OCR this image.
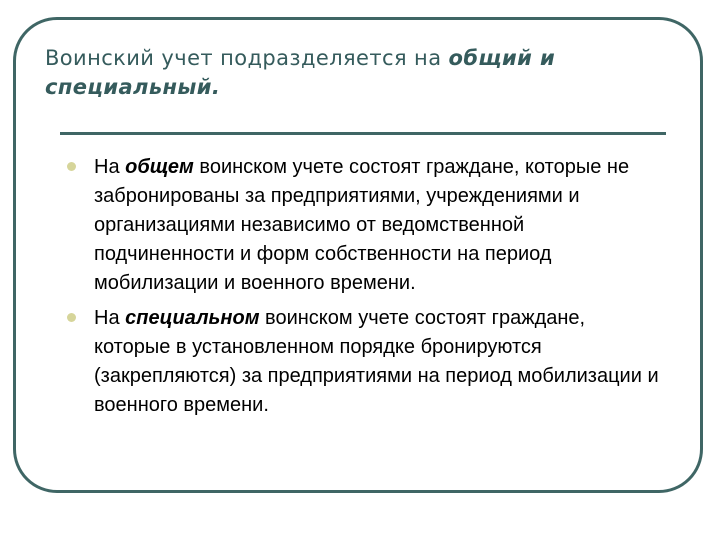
Воинский учет подразделяется на общий и специальный.
На общем воинском учете состоят граждане, которые не забронированы за предприятиями, учреждениями и организациями независимо от ведомственной подчиненности и форм собственности на период мобилизации и военного времени.
На специальном воинском учете состоят граждане, которые в установленном порядке бронируются (закрепляются) за предприятиями на период мобилизации и военного времени.
